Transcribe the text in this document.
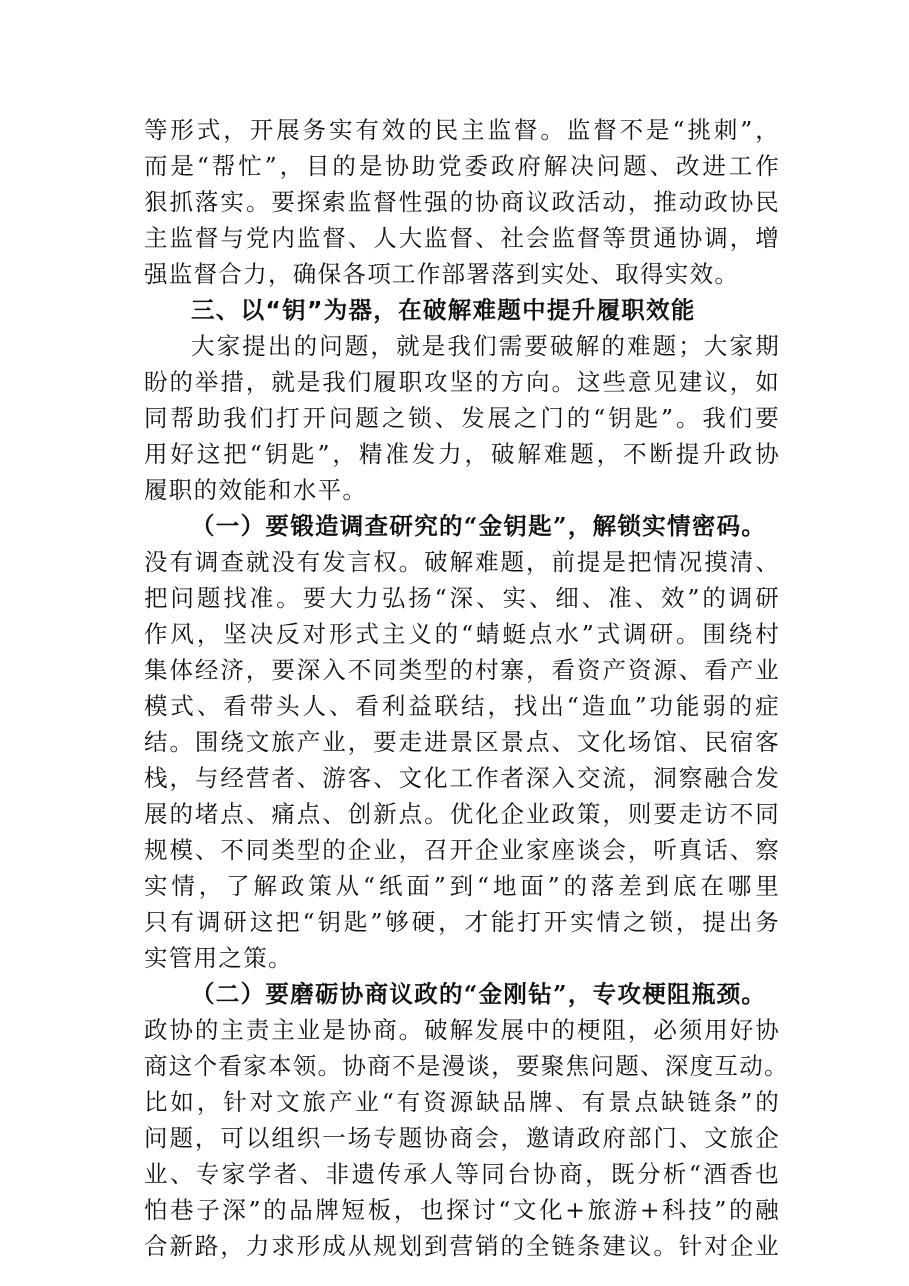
等形式，开展务实有效的民主监督。监督不是“挑刺”，
而是“帮忙”，目的是协助党委政府解决问题、改进工作
狠抓落实。要探索监督性强的协商议政活动，推动政协民
主监督与党内监督、人大监督、社会监督等贯通协调，增
强监督合力，确保各项工作部署落到实处、取得实效。
三、以“钥”为器，在破解难题中提升履职效能
大家提出的问题，就是我们需要破解的难题；大家期
盼的举措，就是我们履职攻坚的方向。这些意见建议，如
同帮助我们打开问题之锁、发展之门的“钥匙”。我们要
用好这把“钥匙”，精准发力，破解难题，不断提升政协
履职的效能和水平。
（一）要锻造调查研究的“金钥匙”，解锁实情密码。
没有调查就没有发言权。破解难题，前提是把情况摸清、
把问题找准。要大力弘扬“深、实、细、准、效”的调研
作风，坚决反对形式主义的“蜻蜓点水”式调研。围绕村
集体经济，要深入不同类型的村寨，看资产资源、看产业
模式、看带头人、看利益联结，找出“造血”功能弱的症
结。围绕文旅产业，要走进景区景点、文化场馆、民宿客
栈，与经营者、游客、文化工作者深入交流，洞察融合发
展的堵点、痛点、创新点。优化企业政策，则要走访不同
规模、不同类型的企业，召开企业家座谈会，听真话、察
实情，了解政策从“纸面”到“地面”的落差到底在哪里
只有调研这把“钥匙”够硬，才能打开实情之锁，提出务
实管用之策。
（二）要磨砺协商议政的“金刚钻”，专攻梗阻瓶颈。
政协的主责主业是协商。破解发展中的梗阻，必须用好协
商这个看家本领。协商不是漫谈，要聚焦问题、深度互动。
比如，针对文旅产业“有资源缺品牌、有景点缺链条”的
问题，可以组织一场专题协商会，邀请政府部门、文旅企
业、专家学者、非遗传承人等同台协商，既分析“酒香也
怕巷子深”的品牌短板，也探讨“文化+旅游+科技”的融
合新路，力求形成从规划到营销的全链条建议。针对企业
